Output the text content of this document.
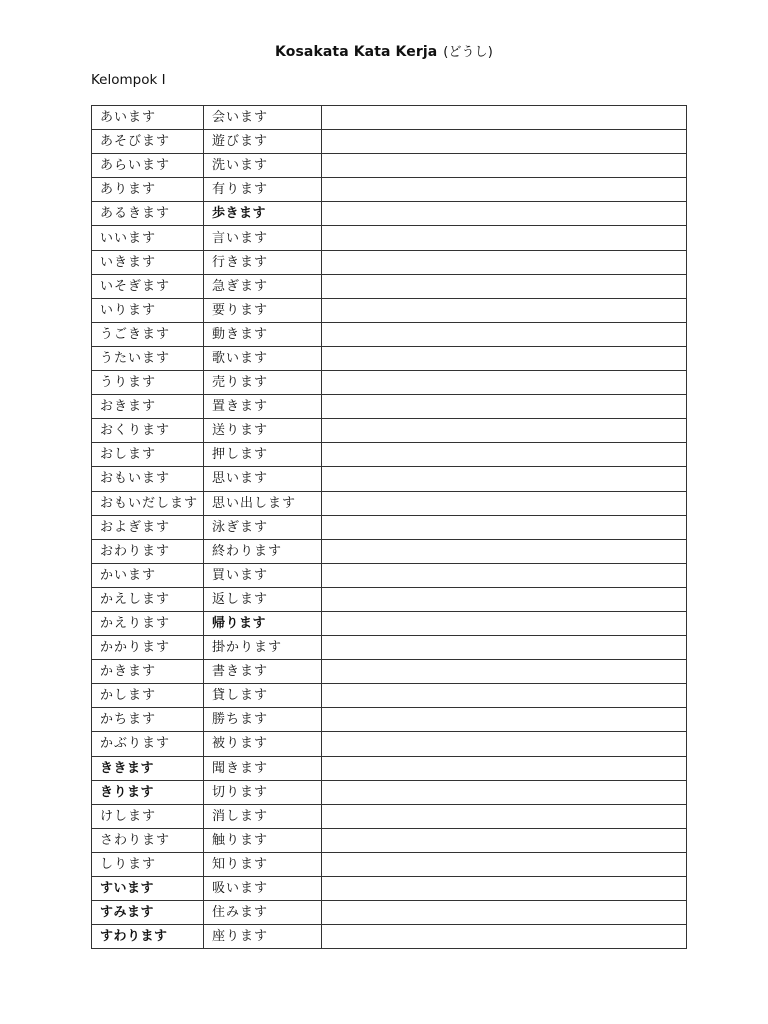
Kosakata Kata Kerja (どうし)
Kelompok I
あいます	会います	
あそびます	遊びます	
あらいます	洗います	
あります	有ります	
あるきます	歩きます	
いいます	言います	
いきます	行きます	
いそぎます	急ぎます	
いります	要ります	
うごきます	動きます	
うたいます	歌います	
うります	売ります	
おきます	置きます	
おくります	送ります	
おします	押します	
おもいます	思います	
おもいだします	思い出します	
およぎます	泳ぎます	
おわります	終わります	
かいます	買います	
かえします	返します	
かえります	帰ります	
かかります	掛かります	
かきます	書きます	
かします	貸します	
かちます	勝ちます	
かぶります	被ります	
ききます	聞きます	
きります	切ります	
けします	消します	
さわります	触ります	
しります	知ります	
すいます	吸います	
すみます	住みます	
すわります	座ります	
